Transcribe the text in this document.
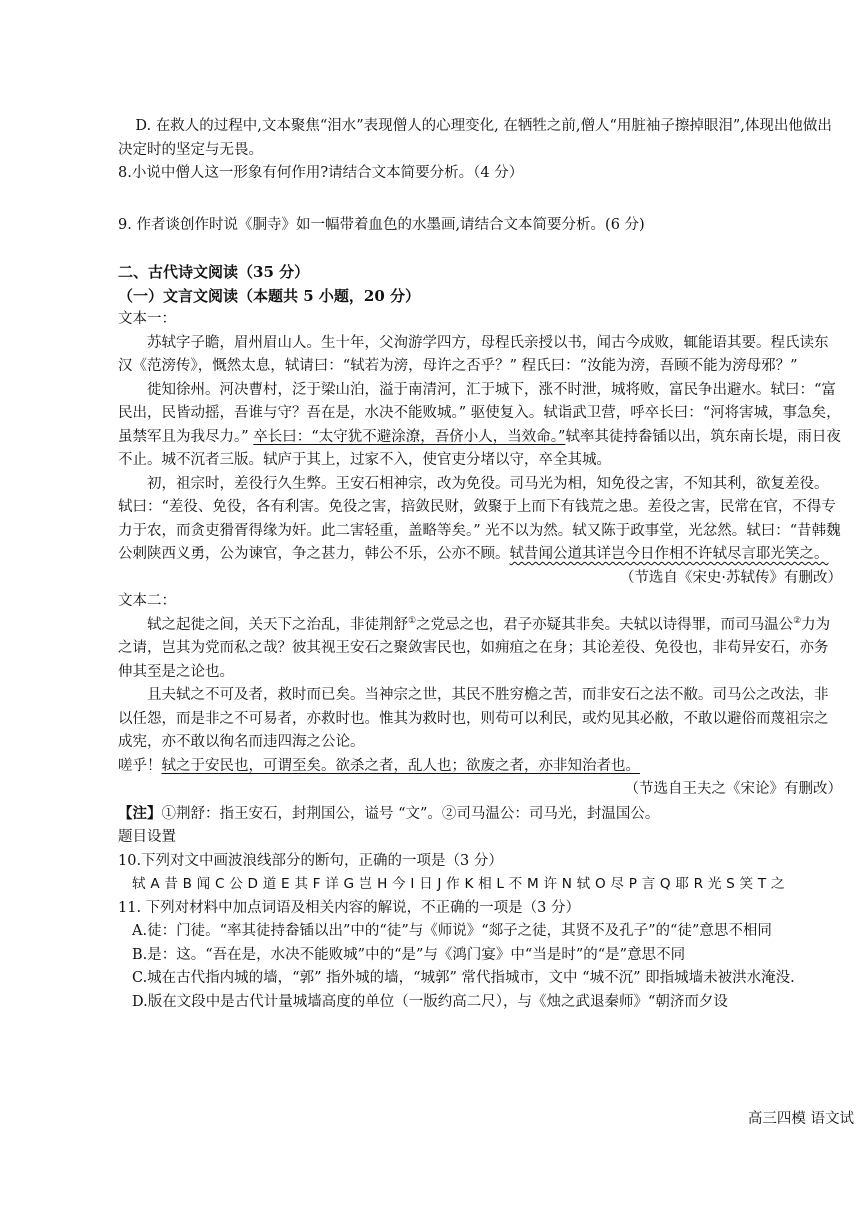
D. 在救人的过程中,文本聚焦“泪水”表现僧人的心理变化, 在牺牲之前,僧人“用脏袖子擦掉眼泪”,体现出他做出决定时的坚定与无畏。

8.小说中僧人这一形象有何作用?请结合文本简要分析。（4 分）

9. 作者谈创作时说《胴寺》如一幅带着血色的水墨画,请结合文本简要分析。(6 分)

二、古代诗文阅读（35 分）

（一）文言文阅读（本题共 5 小题，20 分）

文本一：

苏轼字子瞻，眉州眉山人。生十年，父洵游学四方，母程氏亲授以书，闻古今成败，辄能语其要。程氏读东汉《范滂传》，慨然太息，轼请曰：“轼若为滂，母许之否乎？” 程氏曰：“汝能为滂，吾顾不能为滂母邪？”

徙知徐州。河决曹村，泛于梁山泊，溢于南清河，汇于城下，涨不时泄，城将败，富民争出避水。轼曰：“富民出，民皆动摇，吾谁与守？吾在是，水决不能败城。” 驱使复入。轼诣武卫营，呼卒长曰：“河将害城，事急矣，虽禁军且为我尽力。” 卒长曰：“太守犹不避涂潦，吾侪小人，当效命。”轼率其徒持畚锸以出，筑东南长堤，雨日夜不止。城不沉者三版。轼庐于其上，过家不入，使官吏分堵以守，卒全其城。

初，祖宗时，差役行久生弊。王安石相神宗，改为免役。司马光为相，知免役之害，不知其利，欲复差役。轼曰：“差役、免役，各有利害。免役之害，掊敛民财，敛聚于上而下有钱荒之患。差役之害，民常在官，不得专力于农，而贪吏猾胥得缘为奸。此二害轻重，盖略等矣。” 光不以为然。轼又陈于政事堂，光忿然。轼曰：“昔韩魏公刺陕西义勇，公为谏官，争之甚力，韩公不乐，公亦不顾。轼昔闻公道其详岂今日作相不许轼尽言耶光笑之。

（节选自《宋史·苏轼传》有删改）

文本二：

轼之起徙之间，关天下之治乱，非徒荆舒①之党忌之也，君子亦疑其非矣。夫轼以诗得罪，而司马温公②力为之请，岂其为党而私之哉？彼其视王安石之聚敛害民也，如痈疽之在身；其论差役、免役也，非苟异安石，亦务伸其至是之论也。

且夫轼之不可及者，救时而已矣。当神宗之世，其民不胜穷檐之苦，而非安石之法不敝。司马公之改法，非以任怨，而是非之不可易者，亦救时也。惟其为救时也，则苟可以利民，或灼见其必敝，不敢以避俗而蔑祖宗之成宪，亦不敢以徇名而违四海之公论。

嗟乎！轼之于安民也，可谓至矣。欲杀之者，乱人也；欲废之者，亦非知治者也。

（节选自王夫之《宋论》有删改）

【注】①荆舒：指王安石，封荆国公，谥号 “文”。②司马温公：司马光，封温国公。

题目设置

10.下列对文中画波浪线部分的断句，正确的一项是（3 分）

轼 A 昔 B 闻 C 公 D 道 E 其 F 详 G 岂 H 今 I 日 J 作 K 相 L 不 M 许 N 轼 O 尽 P 言 Q 耶 R 光 S 笑 T 之

11. 下列对材料中加点词语及相关内容的解说，不正确的一项是（3 分）

A.徒：门徒。“率其徒持畚锸以出”中的“徒”与《师说》“郯子之徒，其贤不及孔子”的“徒”意思不相同

B.是：这。“吾在是，水决不能败城”中的“是”与《鸿门宴》中“当是时”的“是”意思不同

C.城在古代指内城的墙，“郭” 指外城的墙，“城郭” 常代指城市，文中 “城不沉” 即指城墙未被洪水淹没.

D.版在文段中是古代计量城墙高度的单位（一版约高二尺），与《烛之武退秦师》“朝济而夕设

高三四模 语文试
